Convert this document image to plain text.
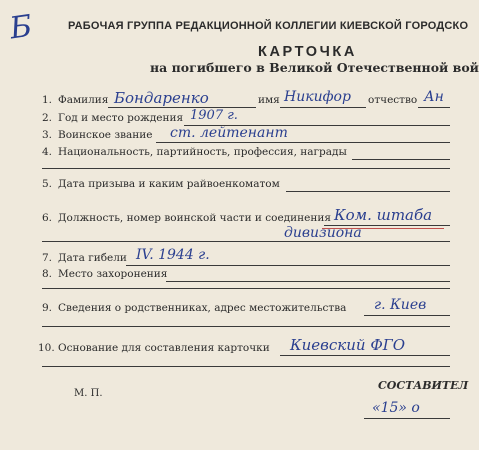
Б	РАБОЧАЯ ГРУППА РЕДАКЦИОННОЙ КОЛЛЕГИИ КИЕВСКОЙ ГОРОДСКО
КАРТОЧКА
на погибшего в Великой Отечественной вой
1. Фамилия Бондаренко	имя Никифор отчество Ан
2. Год и место рождения 1907 г.
3. Воинское звание ст. лейтенант
4. Национальность, партийность, профессия, награды
5. Дата призыва и каким райвоенкоматом
6. Должность, номер воинской части и соединения Ком. штаба
дивизиона
7. Дата гибели IV. 1944 г.
8. Место захоронения
9. Сведения о родственниках, адрес местожительства г. Киев
10. Основание для составления карточки Киевский ФГО
М. П.
СОСТАВИТЕЛ
«15» о
